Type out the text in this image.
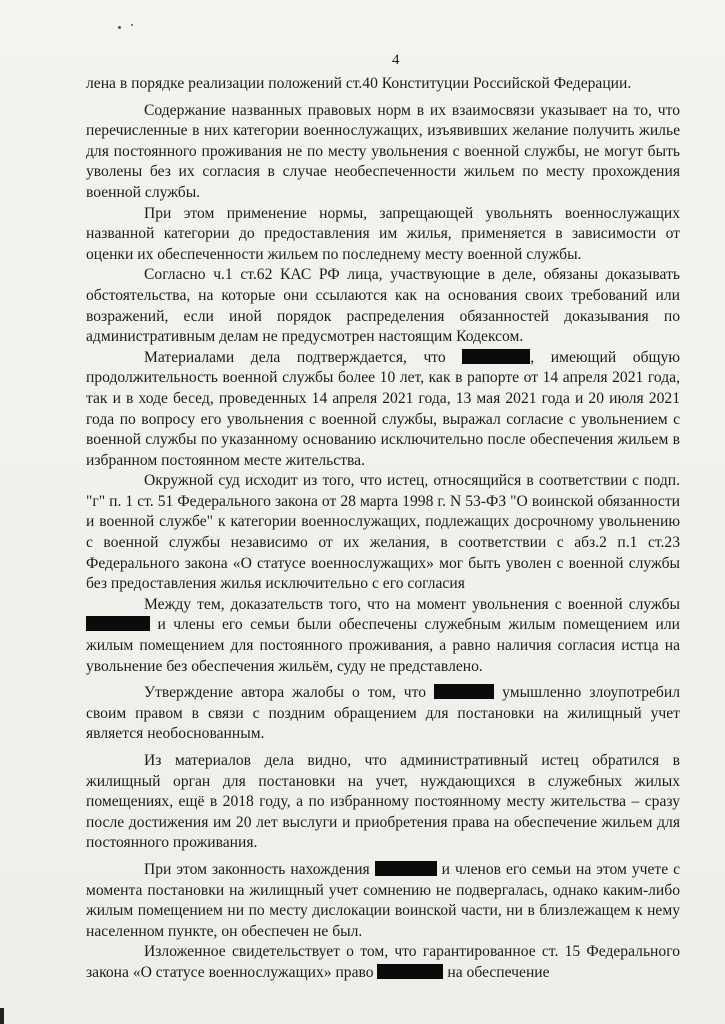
4

лена в порядке реализации положений ст.40 Конституции Российской Федерации.

Содержание названных правовых норм в их взаимосвязи указывает на то, что перечисленные в них категории военнослужащих, изъявивших желание получить жилье для постоянного проживания не по месту увольнения с военной службы, не могут быть уволены без их согласия в случае необеспеченности жильем по месту прохождения военной службы.

При этом применение нормы, запрещающей увольнять военнослужащих названной категории до предоставления им жилья, применяется в зависимости от оценки их обеспеченности жильем по последнему месту военной службы.

Согласно ч.1 ст.62 КАС РФ лица, участвующие в деле, обязаны доказывать обстоятельства, на которые они ссылаются как на основания своих требований или возражений, если иной порядок распределения обязанностей доказывания по административным делам не предусмотрен настоящим Кодексом.

Материалами дела подтверждается, что	, имеющий общую продолжительность военной службы более 10 лет, как в рапорте от 14 апреля 2021 года, так и в ходе бесед, проведенных 14 апреля 2021 года, 13 мая 2021 года и 20 июля 2021 года по вопросу его увольнения с военной службы, выражал согласие с увольнением с военной службы по указанному основанию исключительно после обеспечения жильем в избранном постоянном месте жительства.

Окружной суд исходит из того, что истец, относящийся в соответствии с подп. "г" п. 1 ст. 51 Федерального закона от 28 марта 1998 г. N 53-ФЗ "О воинской обязанности и военной службе" к категории военнослужащих, подлежащих досрочному увольнению с военной службы независимо от их желания, в соответствии с абз.2 п.1 ст.23 Федерального закона «О статусе военнослужащих» мог быть уволен с военной службы без предоставления жилья исключительно с его согласия

Между тем, доказательств того, что на момент увольнения с военной службы  и члены его семьи были обеспечены служебным жилым помещением или жилым помещением для постоянного проживания, а равно наличия согласия истца на увольнение без обеспечения жильём, суду не представлено.

Утверждение автора жалобы о том, что	умышленно злоупотребил своим правом в связи с поздним обращением для постановки на жилищный учет является необоснованным.

Из материалов дела видно, что административный истец обратился в жилищный орган для постановки на учет, нуждающихся в служебных жилых помещениях, ещё в 2018 году, а по избранному постоянному месту жительства – сразу после достижения им 20 лет выслуги и приобретения права на обеспечение жильем для постоянного проживания.

При этом законность нахождения	и членов его семьи на этом учете с момента постановки на жилищный учет сомнению не подвергалась, однако каким-либо жилым помещением ни по месту дислокации воинской части, ни в близлежащем к нему населенном пункте, он обеспечен не был.

Изложенное свидетельствует о том, что гарантированное ст. 15 Федерального закона «О статусе военнослужащих» право	на обеспечение
